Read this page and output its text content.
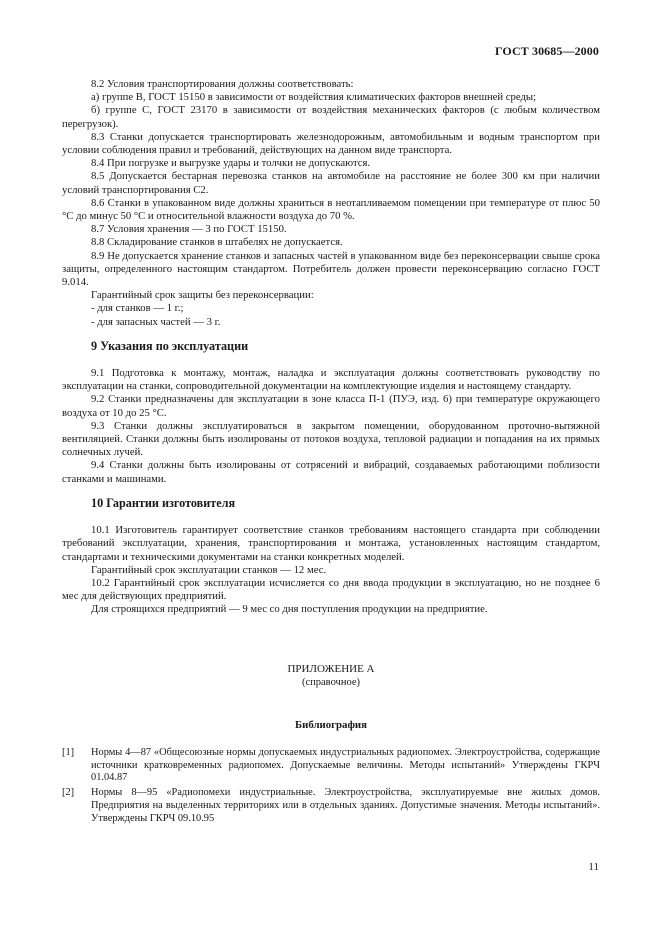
ГОСТ 30685—2000

8.2 Условия транспортирования должны соответствовать:

а) группе В, ГОСТ 15150 в зависимости от воздействия климатических факторов внешней среды;

б) группе С, ГОСТ 23170 в зависимости от воздействия механических факторов (с любым количеством перегрузок).

8.3 Станки допускается транспортировать железнодорожным, автомобильным и водным транспортом при условии соблюдения правил и требований, действующих на данном виде транспорта.

8.4 При погрузке и выгрузке удары и толчки не допускаются.

8.5 Допускается бестарная перевозка станков на автомобиле на расстояние не более 300 км при наличии условий транспортирования С2.

8.6 Станки в упакованном виде должны храниться в неотапливаемом помещении при температуре от плюс 50 °С до минус 50 °С и относительной влажности воздуха до 70 %.

8.7 Условия хранения — 3 по ГОСТ 15150.

8.8 Складирование станков в штабелях не допускается.

8.9 Не допускается хранение станков и запасных частей в упакованном виде без переконсервации свыше срока защиты, определенного настоящим стандартом. Потребитель должен провести переконсервацию согласно ГОСТ 9.014.

Гарантийный срок защиты без переконсервации:

- для станков — 1 г.;

- для запасных частей — 3 г.

9 Указания по эксплуатации

9.1 Подготовка к монтажу, монтаж, наладка и эксплуатация должны соответствовать руководству по эксплуатации на станки, сопроводительной документации на комплектующие изделия и настоящему стандарту.

9.2 Станки предназначены для эксплуатации в зоне класса П-1 (ПУЭ, изд. 6) при температуре окружающего воздуха от 10 до 25 °С.

9.3 Станки должны эксплуатироваться в закрытом помещении, оборудованном проточно-вытяжной вентиляцией. Станки должны быть изолированы от потоков воздуха, тепловой радиации и попадания на их прямых солнечных лучей.

9.4 Станки должны быть изолированы от сотрясений и вибраций, создаваемых работающими поблизости станками и машинами.

10 Гарантии изготовителя

10.1 Изготовитель гарантирует соответствие станков требованиям настоящего стандарта при соблюдении требований эксплуатации, хранения, транспортирования и монтажа, установленных настоящим стандартом, стандартами и техническими документами на станки конкретных моделей.

Гарантийный срок эксплуатации станков — 12 мес.

10.2 Гарантийный срок эксплуатации исчисляется со дня ввода продукции в эксплуатацию, но не позднее 6 мес для действующих предприятий.

Для строящихся предприятий — 9 мес со дня поступления продукции на предприятие.

ПРИЛОЖЕНИЕ А
(справочное)
Библиография
[1]	Нормы 4—87 «Общесоюзные нормы допускаемых индустриальных радиопомех. Электроустройства, содержащие источники кратковременных радиопомех. Допускаемые величины. Методы испытаний» Утверждены ГКРЧ 01.04.87
[2]	Нормы 8—95 «Радиопомехи индустриальные. Электроустройства, эксплуатируемые вне жилых домов. Предприятия на выделенных территориях или в отдельных зданиях. Допустимые значения. Методы испытаний». Утверждены ГКРЧ 09.10.95
11
